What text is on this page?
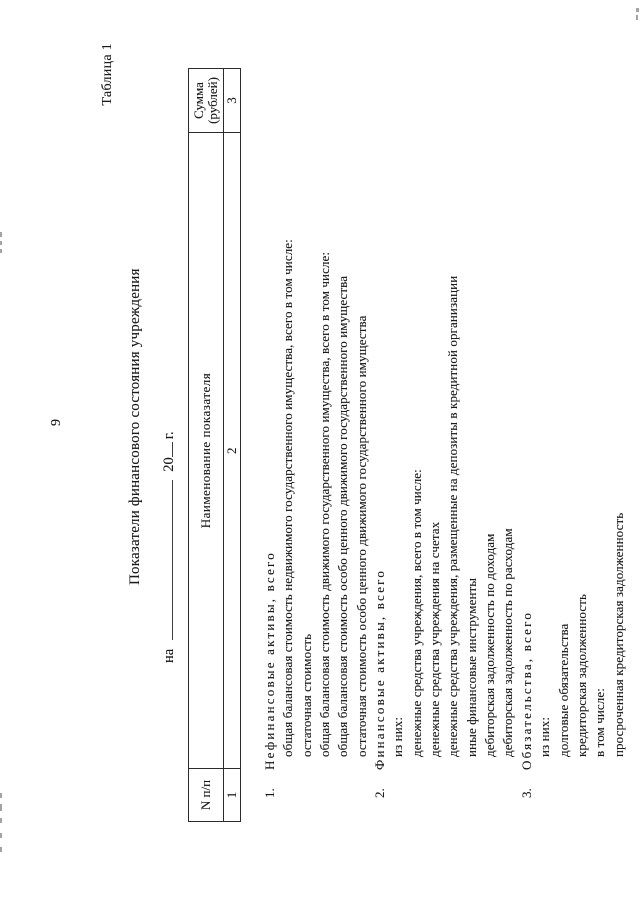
9
Таблица 1
Показатели финансового состояния учреждения
на20г.
N п/п
Наименование показателя
Сумма (рублей)
1
2
3
1.
Нефинансовые активы, всего общая балансовая стоимость недвижимого государственного имущества, всего в том числе: остаточная стоимость общая балансовая стоимость движимого государственного имущества, всего в том числе: общая балансовая стоимость особо ценного движимого государственного имущества остаточная стоимость особо ценного движимого государственного имущества
2.
Финансовые активы, всего из них: денежные средства учреждения, всего в том числе: денежные средства учреждения на счетах денежные средства учреждения, размещенные на депозиты в кредитной организации иные финансовые инструменты дебиторская задолженность по доходам дебиторская задолженность по расходам
3.
Обязательства, всего из них: долговые обязательства кредиторская задолженность в том числе: просроченная кредиторская задолженность
